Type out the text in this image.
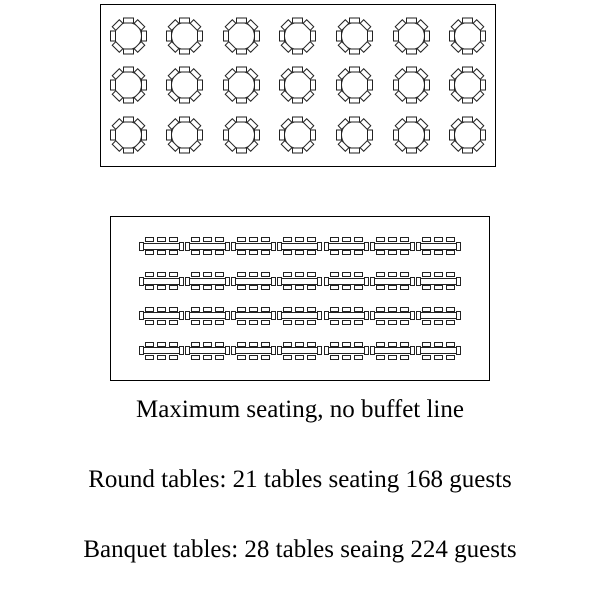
Maximum seating, no buffet line
Round tables: 21 tables seating 168 guests
Banquet tables: 28 tables seaing 224 guests
